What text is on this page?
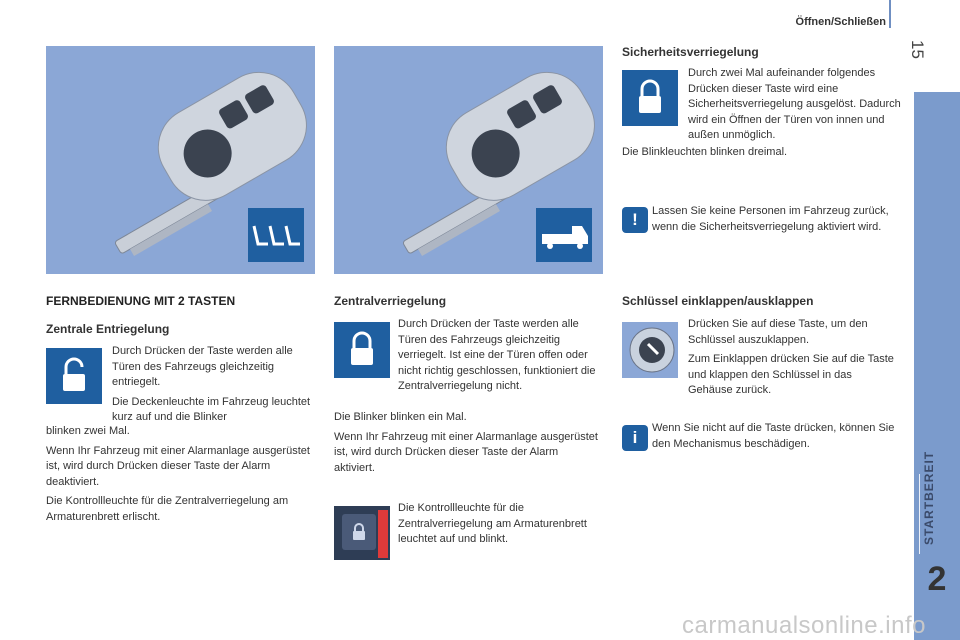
Öffnen/Schließen
15
STARTBEREIT
2
FERNBEDIENUNG MIT 2 TASTEN
Zentrale Entriegelung

Durch Drücken der Taste werden alle Türen des Fahrzeugs gleichzeitig entriegelt.

Die Deckenleuchte im Fahrzeug leuchtet kurz auf und die Blinker

blinken zwei Mal.

Wenn Ihr Fahrzeug mit einer Alarmanlage ausgerüstet ist, wird durch Drücken dieser Taste der Alarm deaktiviert.

Die Kontrollleuchte für die Zentralverriegelung am Armaturenbrett erlischt.

Zentralverriegelung

Durch Drücken der Taste werden alle Türen des Fahrzeugs gleichzeitig verriegelt. Ist eine der Türen offen oder nicht richtig geschlossen, funktioniert die Zentralverriegelung nicht.

Die Blinker blinken ein Mal.

Wenn Ihr Fahrzeug mit einer Alarmanlage ausgerüstet ist, wird durch Drücken dieser Taste der Alarm aktiviert.

Die Kontrollleuchte für die Zentralverriegelung am Armaturenbrett leuchtet auf und blinkt.

Sicherheitsverriegelung

Durch zwei Mal aufeinander folgendes Drücken dieser Taste wird eine Sicherheitsverriegelung ausgelöst. Dadurch wird ein Öffnen der Türen von innen und außen unmöglich.

Die Blinkleuchten blinken dreimal.

!	Lassen Sie keine Personen im Fahrzeug zurück, wenn die Sicherheitsverriegelung aktiviert wird.

Schlüssel einklappen/ausklappen

Drücken Sie auf diese Taste, um den Schlüssel auszuklappen.

Zum Einklappen drücken Sie auf die Taste und klappen den Schlüssel in das Gehäuse zurück.

i	Wenn Sie nicht auf die Taste drücken, können Sie den Mechanismus beschädigen.

carmanualsonline.info
